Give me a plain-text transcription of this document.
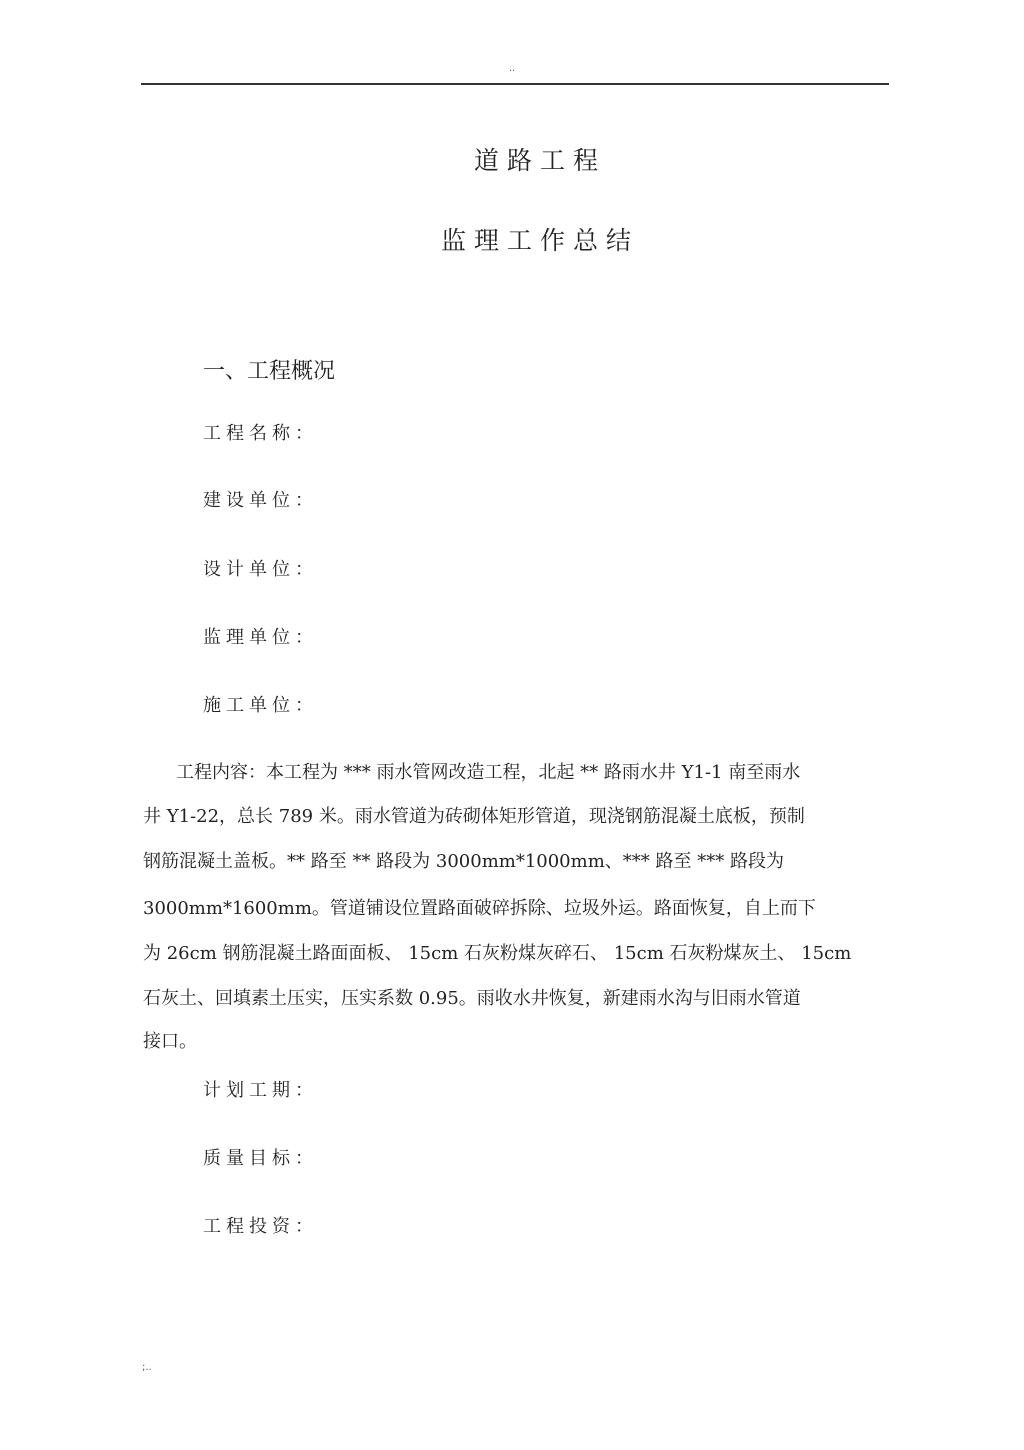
..
道路工程
监理工作总结
一、工程概况
工程名称：
建设单位：
设计单位：
监理单位：
施工单位：
工程内容：本工程为 *** 雨水管网改造工程，北起 ** 路雨水井 Y1-1 南至雨水
井 Y1-22，总长 789 米。雨水管道为砖砌体矩形管道，现浇钢筋混凝土底板，预制
钢筋混凝土盖板。** 路至 ** 路段为 3000mm*1000mm、*** 路至 *** 路段为
3000mm*1600mm。管道铺设位置路面破碎拆除、垃圾外运。路面恢复，自上而下
为 26cm 钢筋混凝土路面面板、 15cm 石灰粉煤灰碎石、 15cm 石灰粉煤灰土、 15cm
石灰土、回填素土压实，压实系数 0.95。雨收水井恢复，新建雨水沟与旧雨水管道
接口。
计划工期：
质量目标：
工程投资：
;..
